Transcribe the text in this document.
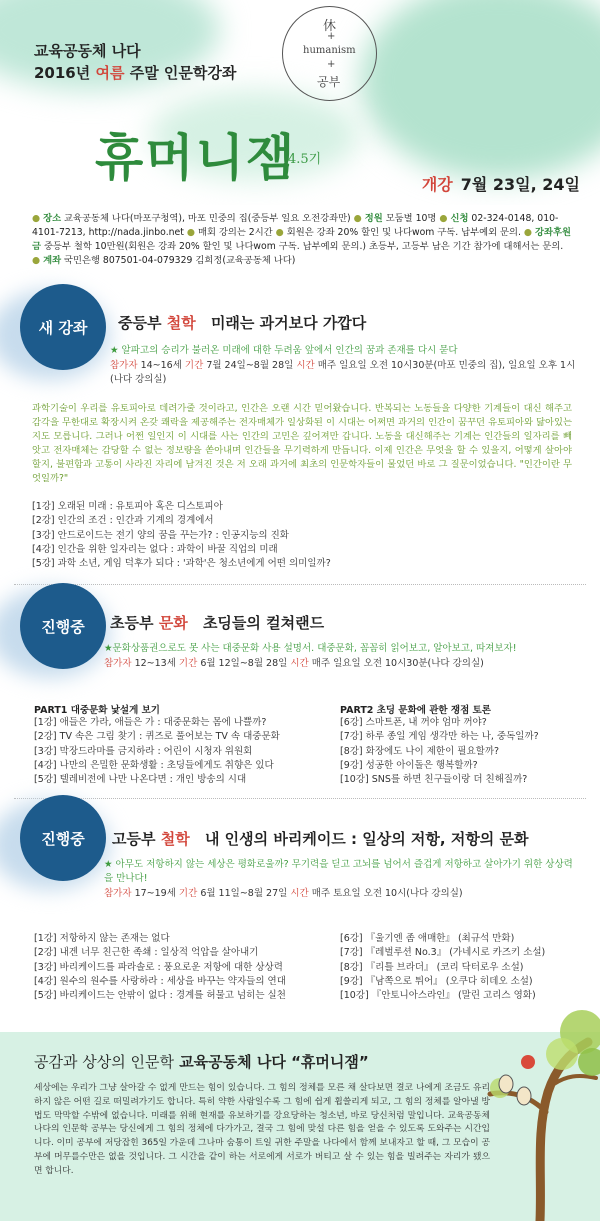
교육공동체 나다
2016년 여름 주말 인문학강좌
休
+
humanism
+
공부
휴머니잼
4.5기
개강 7월 23일, 24일
● 장소 교육공동체 나다(마포구청역), 마포 민중의 집(중등부 일요 오전강좌만) ● 정원 모둠별 10명 ● 신청 02-324-0148, 010-4101-7213, http://nada.jinbo.net ● 매회 강의는 2시간 ● 회원은 강좌 20% 할인 및 나다wom 구독. 납부예외 문의. ● 강좌후원금 중등부 철학 10만원(회원은 강좌 20% 할인 및 나다wom 구독. 납부예외 문의.) 초등부, 고등부 남은 기간 참가에 대해서는 문의. ● 계좌 국민은행 807501-04-079329 김희정(교육공동체 나다)
새 강좌	중등부 철학 미래는 과거보다 가깝다
★ 알파고의 승리가 불러온 미래에 대한 두려움 앞에서 인간의 꿈과 존재를 다시 묻다
참가자 14~16세 기간 7월 24일~8월 28일 시간 매주 일요일 오전 10시30분(마포 민중의 집), 일요일 오후 1시(나다 강의실)
과학기술이 우리를 유토피아로 데려가줄 것이라고, 인간은 오랜 시간 믿어왔습니다. 반복되는 노동들을 다양한 기계들이 대신 해주고 감각을 무한대로 확장시켜 온갖 쾌락을 제공해주는 전자매체가 일상화된 이 시대는 어쩌면 과거의 인간이 꿈꾸던 유토피아와 닮아있는지도 모릅니다. 그러나 어쩐 일인지 이 시대를 사는 인간의 고민은 깊어져만 갑니다. 노동을 대신해주는 기계는 인간들의 일자리를 빼앗고 전자매체는 감당할 수 없는 정보량을 쏟아내며 인간들을 무기력하게 만듭니다. 이제 인간은 무엇을 할 수 있을지, 어떻게 살아야할지, 불편함과 고통이 사라진 자리에 남겨진 것은 저 오래 과거에 최초의 인문학자들이 물었던 바로 그 질문이었습니다. "인간이란 무엇일까?"
[1강] 오래된 미래 : 유토피아 혹은 디스토피아
[2강] 인간의 조건 : 인간과 기계의 경계에서
[3강] 안드로이드는 전기 양의 꿈을 꾸는가? : 인공지능의 진화
[4강] 인간을 위한 일자리는 없다 : 과학이 바꿀 직업의 미래
[5강] 과학 소년, 게임 덕후가 되다 : '과학'은 청소년에게 어떤 의미일까?
진행중	초등부 문화 초딩들의 컬쳐랜드
★문화상품권으로도 못 사는 대중문화 사용 설명서. 대중문화, 꼼꼼히 읽어보고, 알아보고, 따져보자!
참가자 12~13세 기간 6월 12일~8월 28일 시간 매주 일요일 오전 10시30분(나다 강의실)
PART1 대중문화 낯설게 보기
[1강] 애들은 가라, 애들은 가 : 대중문화는 몸에 나쁠까?
[2강] TV 속은 그림 찾기 : 퀴즈로 풀어보는 TV 속 대중문화
[3강] 막장드라마를 금지하라 : 어린이 시청자 위원회
[4강] 나만의 은밀한 문화생활 : 초딩들에게도 취향은 있다
[5강] 텔레비전에 나만 나온다면 : 개인 방송의 시대
PART2 초딩 문화에 관한 쟁점 토론
[6강] 스마트폰, 내 꺼야 엄마 꺼야?
[7강] 하루 종일 게임 생각만 하는 나, 중독일까?
[8강] 화장에도 나이 제한이 필요할까?
[9강] 성공한 아이돌은 행복할까?
[10강] SNS를 하면 친구들이랑 더 친해질까?
진행중	고등부 철학 내 인생의 바리케이드 : 일상의 저항, 저항의 문화
★ 아무도 저항하지 않는 세상은 평화로울까? 무기력을 딛고 고뇌를 넘어서 즐겁게 저항하고 살아가기 위한 상상력을 만나다!
참가자 17~19세 기간 6월 11일~8월 27일 시간 매주 토요일 오전 10시(나다 강의실)
[1강] 저항하지 않는 존재는 없다
[2강] 내겐 너무 친근한 족쇄 : 일상적 억압을 살아내기
[3강] 바리케이드를 파라솔로 : 풍요로운 저항에 대한 상상력
[4강] 원수의 원수를 사랑하라 : 세상을 바꾸는 약자들의 연대
[5강] 바리케이드는 안팎이 없다 : 경계를 허물고 넘히는 실천
[6강] 『울기엔 좀 애매한』 (최규석 만화)
[7강] 『레벌루션 No.3』 (가네시로 카즈키 소설)
[8강] 『리틀 브라더』 (코리 닥터로우 소설)
[9강] 『남쪽으로 튀어』 (오쿠다 히데오 소설)
[10강] 『안토니아스라인』 (말린 고리스 영화)
공감과 상상의 인문학 교육공동체 나다 “휴머니잼”
세상에는 우리가 그냥 살아갈 수 없게 만드는 힘이 있습니다. 그 힘의 정체를 모른 채 살다보면 결코 나에게 조금도 유리하지 않은 어떤 길로 떠밀려가기도 합니다. 특히 약한 사람일수록 그 힘에 쉽게 휩쓸리게 되고, 그 힘의 정체를 알아낼 방법도 막막할 수밖에 없습니다. 미래를 위해 현재를 유보하기를 강요당하는 청소년, 바로 당신처럼 말입니다. 교육공동체 나다의 인문학 공부는 당신에게 그 힘의 정체에 다가가고, 결국 그 힘에 맞설 다른 힘을 얻을 수 있도록 도와주는 시간입니다. 이미 공부에 저당잡힌 365일 가운데 그나마 숨통이 트일 귀한 주말을 나다에서 함께 보내자고 할 때, 그 모습이 공부에 머무를수만은 없을 것입니다. 그 시간을 같이 하는 서로에게 서로가 버티고 살 수 있는 힘을 빌려주는 자리가 됐으면 합니다.
